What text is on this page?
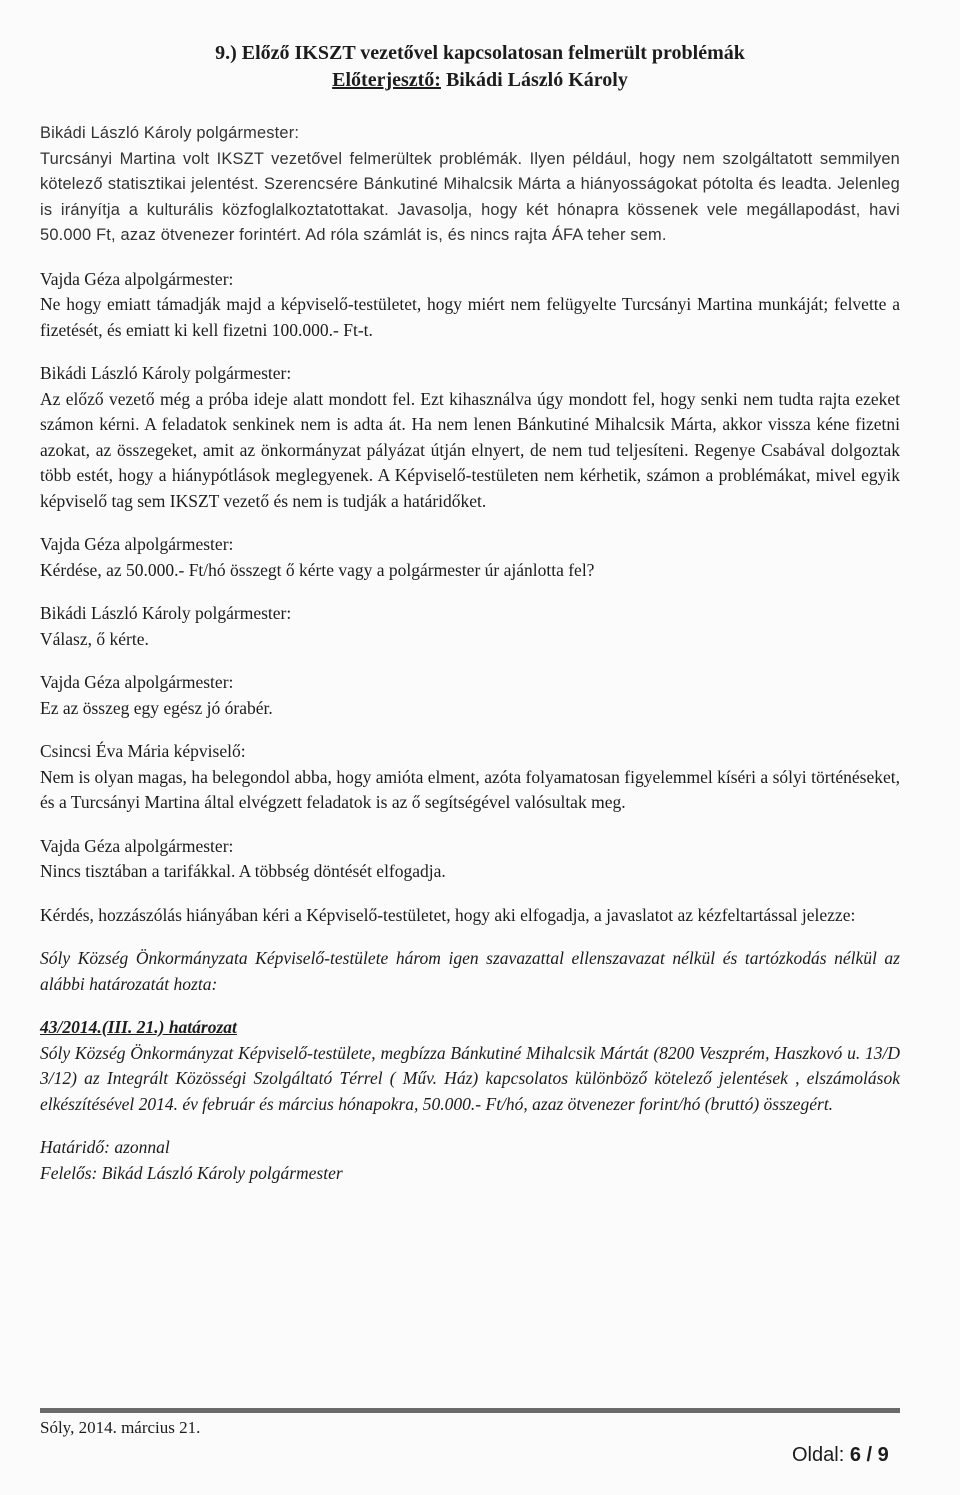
9.) Előző IKSZT vezetővel kapcsolatosan felmerült problémák
Előterjesztő: Bikádi László Károly
Bikádi László Károly polgármester:
Turcsányi Martina volt IKSZT vezetővel felmerültek problémák. Ilyen például, hogy nem szolgáltatott semmilyen kötelező statisztikai jelentést. Szerencsére Bánkutiné Mihalcsik Márta a hiányosságokat pótolta és leadta. Jelenleg is irányítja a kulturális közfoglalkoztatottakat. Javasolja, hogy két hónapra kössenek vele megállapodást, havi 50.000 Ft, azaz ötvenezer forintért. Ad róla számlát is, és nincs rajta ÁFA teher sem.
Vajda Géza alpolgármester:
Ne hogy emiatt támadják majd a képviselő-testületet, hogy miért nem felügyelte Turcsányi Martina munkáját; felvette a fizetését, és emiatt ki kell fizetni 100.000.- Ft-t.
Bikádi László Károly polgármester:
Az előző vezető még a próba ideje alatt mondott fel. Ezt kihasználva úgy mondott fel, hogy senki nem tudta rajta ezeket számon kérni. A feladatok senkinek nem is adta át. Ha nem lenen Bánkutiné Mihalcsik Márta, akkor vissza kéne fizetni azokat, az összegeket, amit az önkormányzat pályázat útján elnyert, de nem tud teljesíteni. Regenye Csabával dolgoztak több estét, hogy a hiánypótlások meglegyenek. A Képviselő-testületen nem kérhetik, számon a problémákat, mivel egyik képviselő tag sem IKSZT vezető és nem is tudják a határidőket.
Vajda Géza alpolgármester:
Kérdése, az 50.000.- Ft/hó összegt ő kérte vagy a polgármester úr ajánlotta fel?
Bikádi László Károly polgármester:
Válasz, ő kérte.
Vajda Géza alpolgármester:
Ez az összeg egy egész jó órabér.
Csincsi Éva Mária képviselő:
Nem is olyan magas, ha belegondol abba, hogy amióta elment, azóta folyamatosan figyelemmel kíséri a sólyi történéseket, és a Turcsányi Martina által elvégzett feladatok is az ő segítségével valósultak meg.
Vajda Géza alpolgármester:
Nincs tisztában a tarifákkal. A többség döntését elfogadja.
Kérdés, hozzászólás hiányában kéri a Képviselő-testületet, hogy aki elfogadja, a javaslatot az kézfeltartással jelezze:
Sóly Község Önkormányzata Képviselő-testülete három igen szavazattal ellenszavazat nélkül és tartózkodás nélkül az alábbi határozatát hozta:
43/2014.(III. 21.) határozat
Sóly Község Önkormányzat Képviselő-testülete, megbízza Bánkutiné Mihalcsik Mártát (8200 Veszprém, Haszkovó u. 13/D 3/12) az Integrált Közösségi Szolgáltató Térrel ( Műv. Ház) kapcsolatos különböző kötelező jelentések , elszámolások elkészítésével 2014. év február és március hónapokra, 50.000.- Ft/hó, azaz ötvenezer forint/hó (bruttó) összegért.
Határidő: azonnal
Felelős: Bikád László Károly polgármester
Sóly, 2014. március 21.
Oldal: 6 / 9
